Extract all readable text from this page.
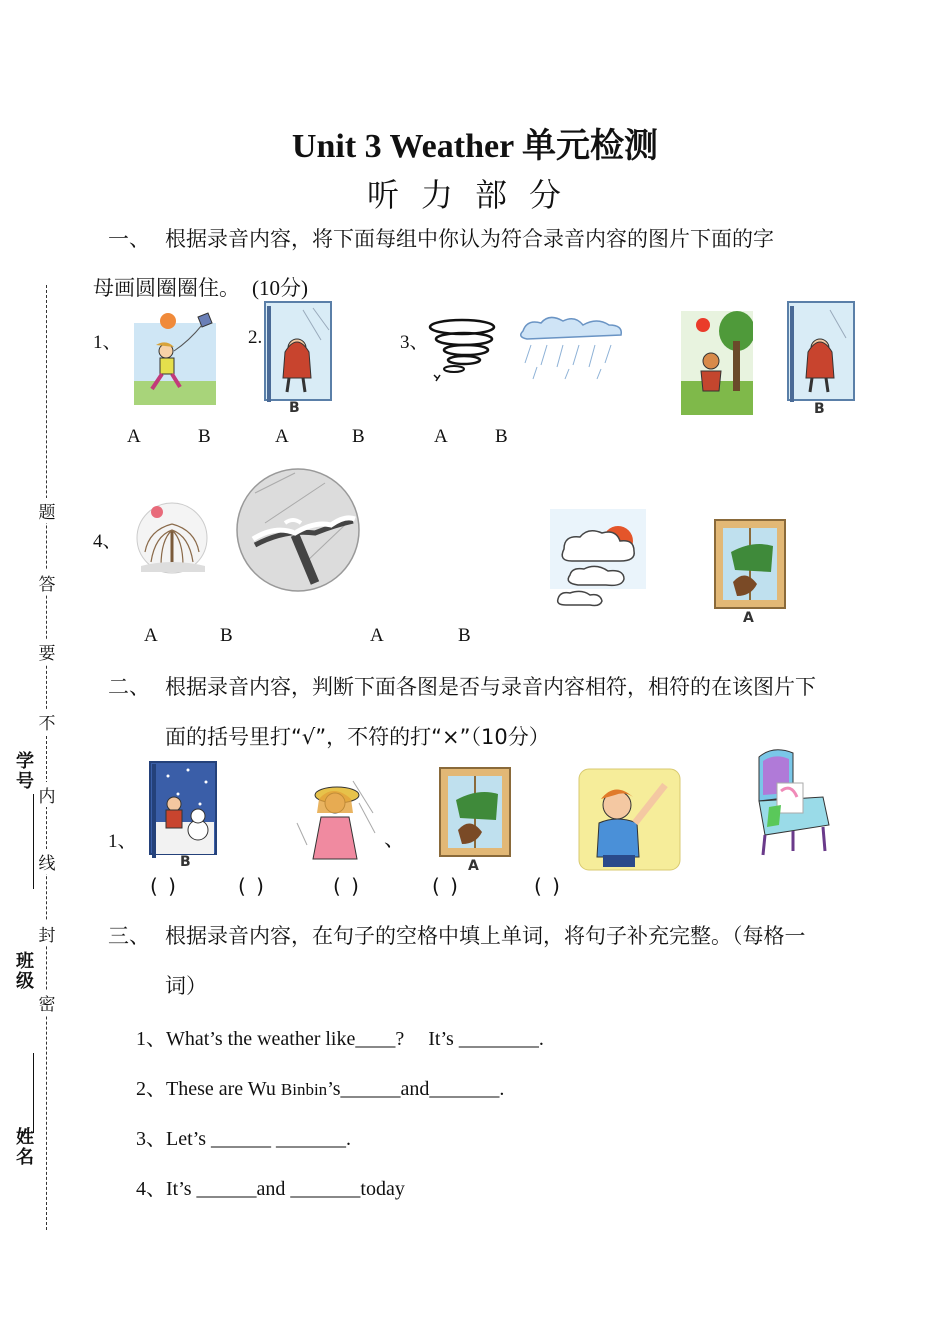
Unit 3 Weather 单元检测
听力部分
题
答
要
不
内
线
封
密
学号
班级
姓名
一、 根据录音内容，将下面每组中你认为符合录音内容的图片下面的字
母画圆圈圈住。 (10分)
1、	2.	3、
B	B
A	B	A	B	A B
4、
A
A	B	A	B
二、 根据录音内容，判断下面各图是否与录音内容相符，相符的在该图片下
面的括号里打“√”，不符的打“×”（10分）
1、
B
、
A
( )	( )	( )	( )	( )
三、 根据录音内容，在句子的空格中填上单词，将句子补充完整。（每格一
词）
1、What’s the weather like____? It’s ________.
2、These are Wu Binbin’s______and_______.
3、Let’s ______ _______.
4、It’s ______and _______today
